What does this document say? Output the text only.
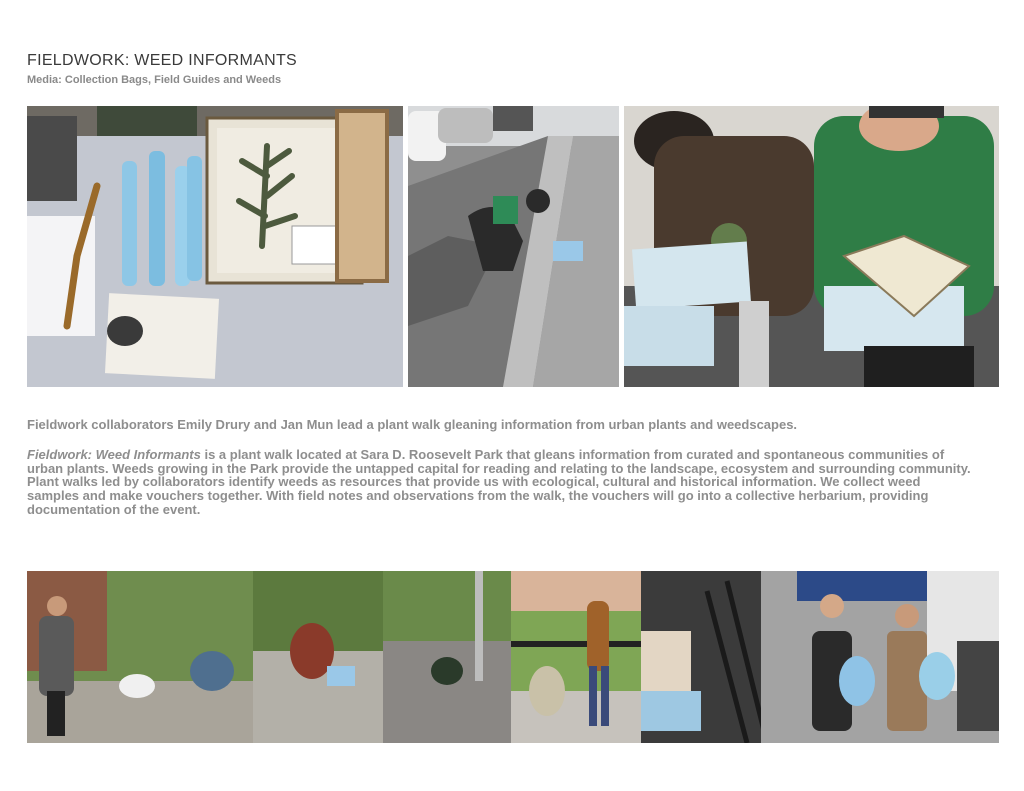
FIELDWORK: WEED INFORMANTS

Media: Collection Bags, Field Guides and Weeds

Fieldwork collaborators Emily Drury and Jan Mun lead a plant walk gleaning information from urban plants and weedscapes.

Fieldwork: Weed Informants is a plant walk located at Sara D. Roosevelt Park that gleans information from curated and spontaneous communities of urban plants. Weeds growing in the Park provide the untapped capital for reading and relating to the landscape, ecosystem and surrounding community. Plant walks led by collaborators identify weeds as resources that provide us with ecological, cultural and historical information. We collect weed samples and make vouchers together. With field notes and observations from the walk, the vouchers will go into a collective herbarium, providing documentation of the event.
